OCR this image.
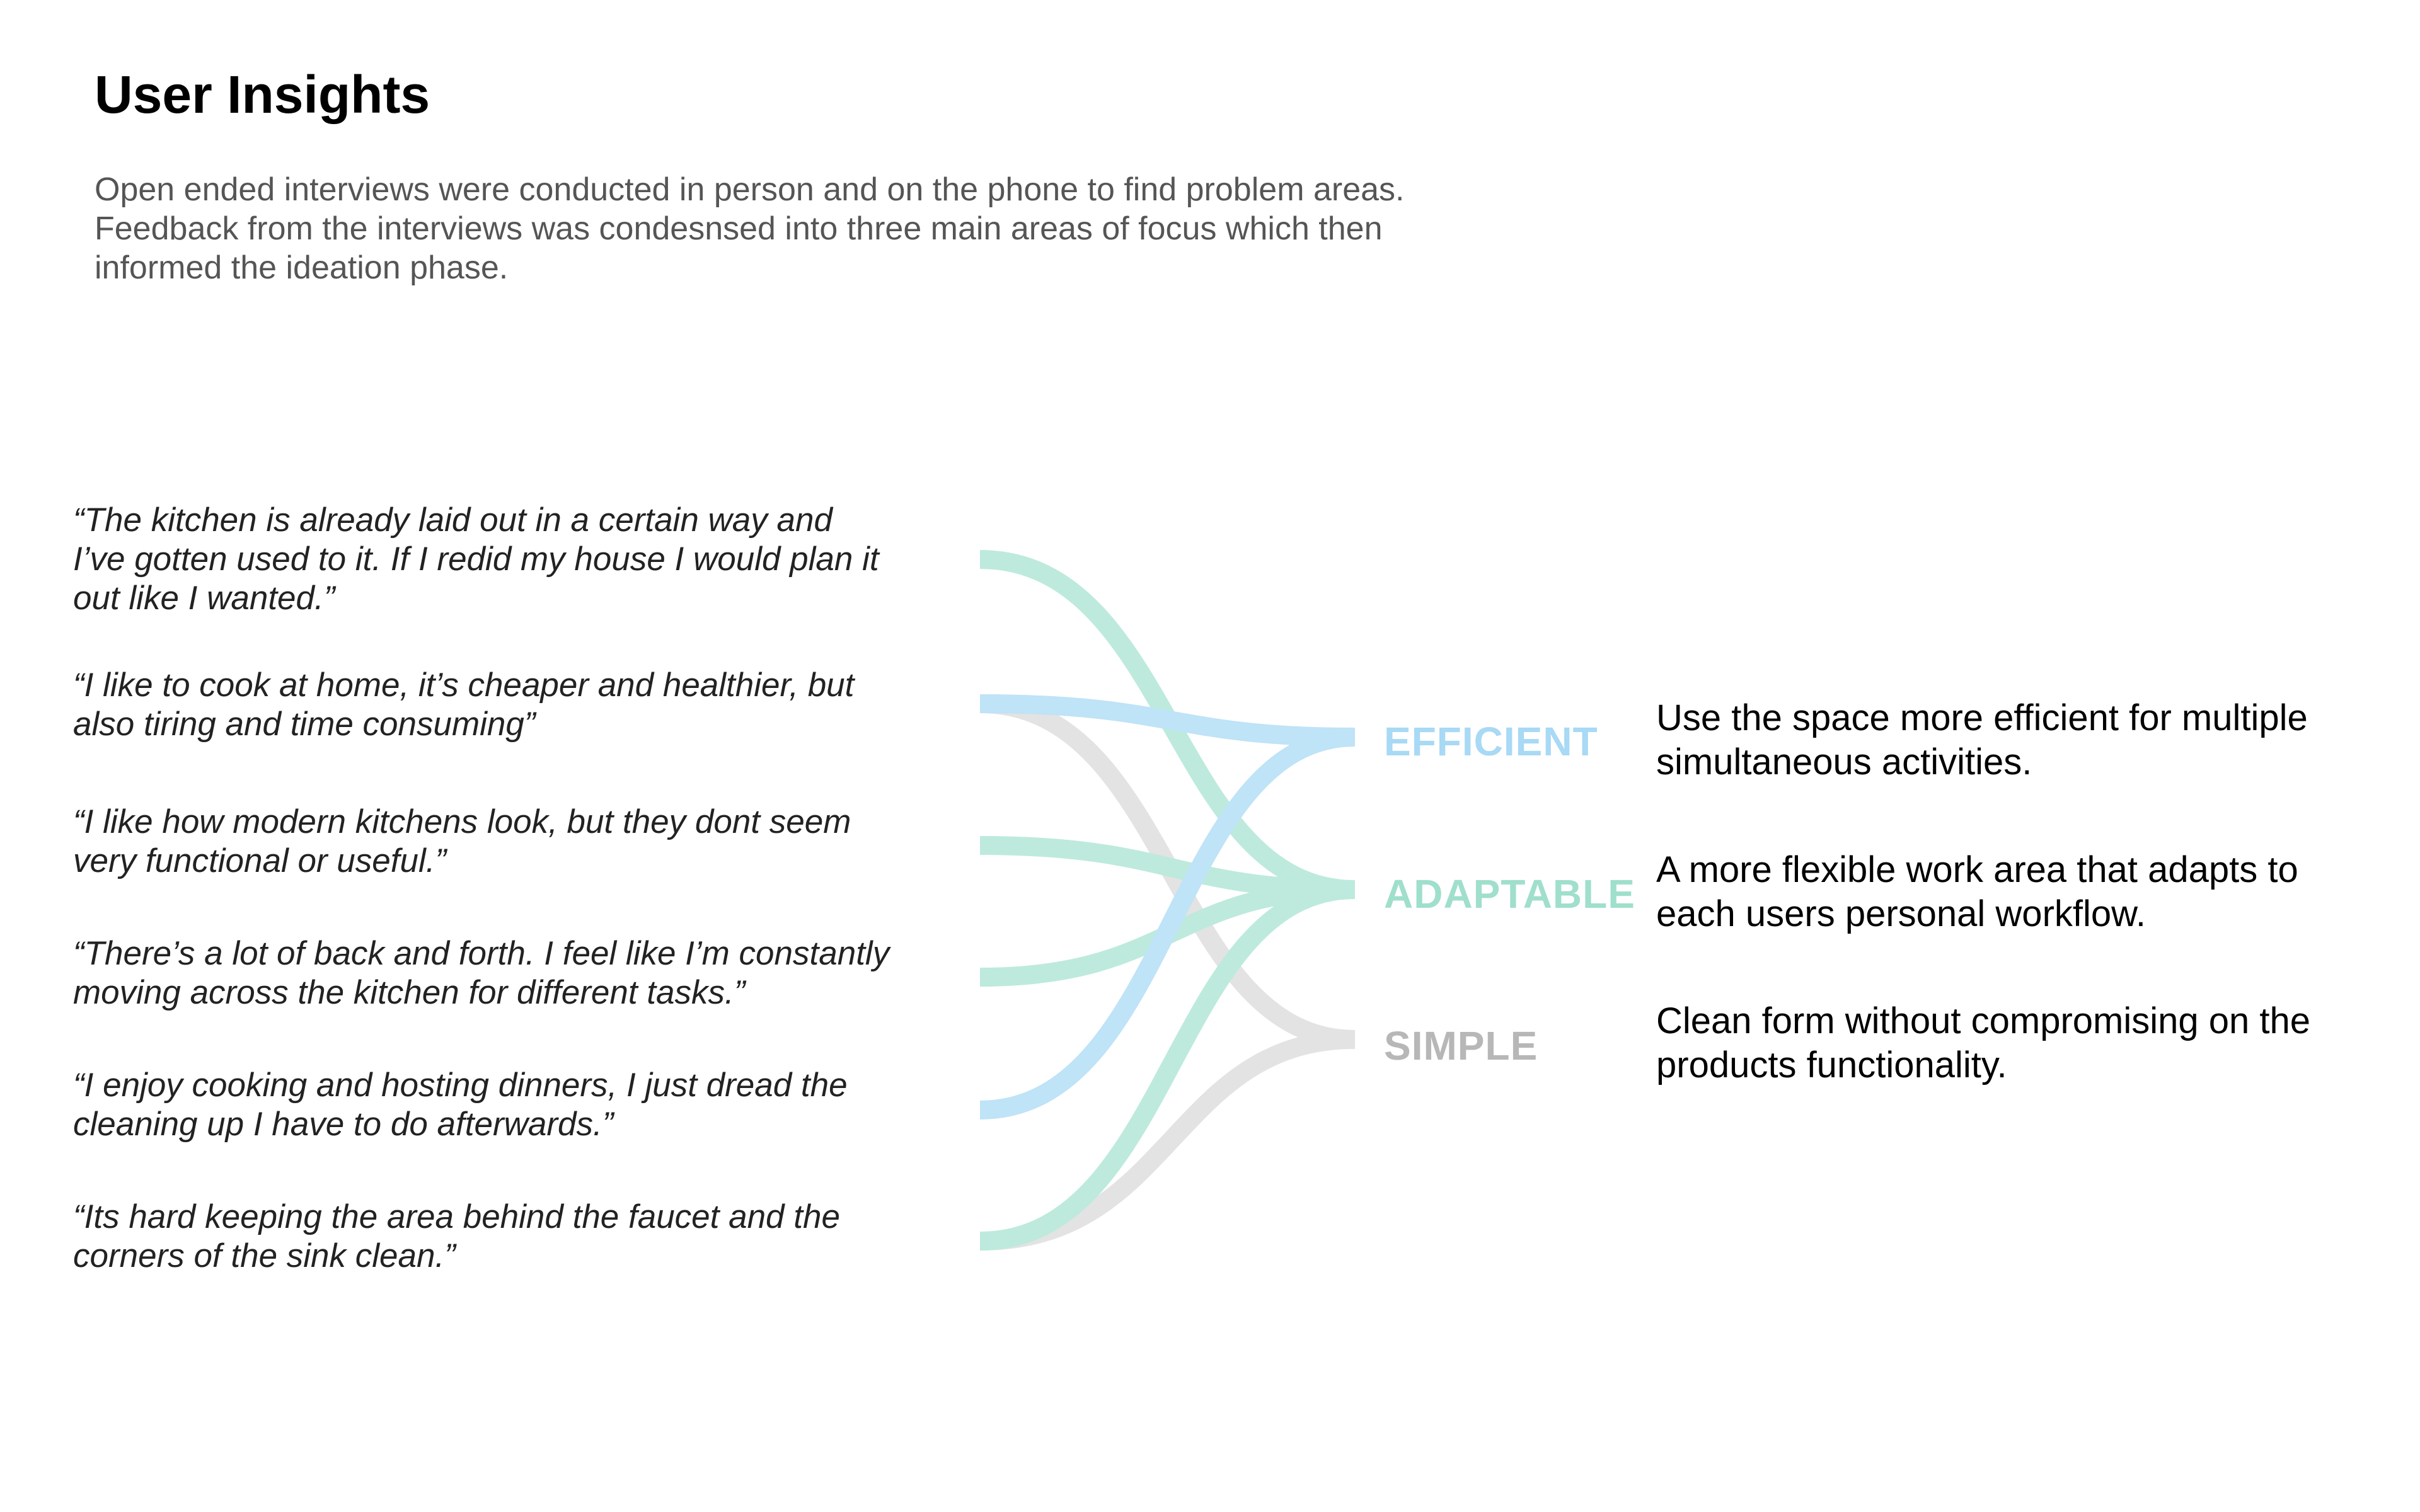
User Insights
Open ended interviews were conducted in person and on the phone to find problem areas.
Feedback from the interviews was condesnsed into three main areas of focus which then
informed the ideation phase.
“The kitchen is already laid out in a certain way and
I’ve gotten used to it. If I redid my house I would plan it
out like I wanted.”
“I like to cook at home, it’s cheaper and healthier, but
also tiring and time consuming”
“I like how modern kitchens look, but they dont seem
very functional or useful.”
“There’s a lot of back and forth. I feel like I’m constantly
moving across the kitchen for different tasks.”
“I enjoy cooking and hosting dinners, I just dread the
cleaning up I have to do afterwards.”
“Its hard keeping the area behind the faucet and the
corners of the sink clean.”
EFFICIENT
ADAPTABLE
SIMPLE
Use the space more efficient for multiple
simultaneous activities.
A more flexible work area that adapts to
each users personal workflow.
Clean form without compromising on the
products functionality.
